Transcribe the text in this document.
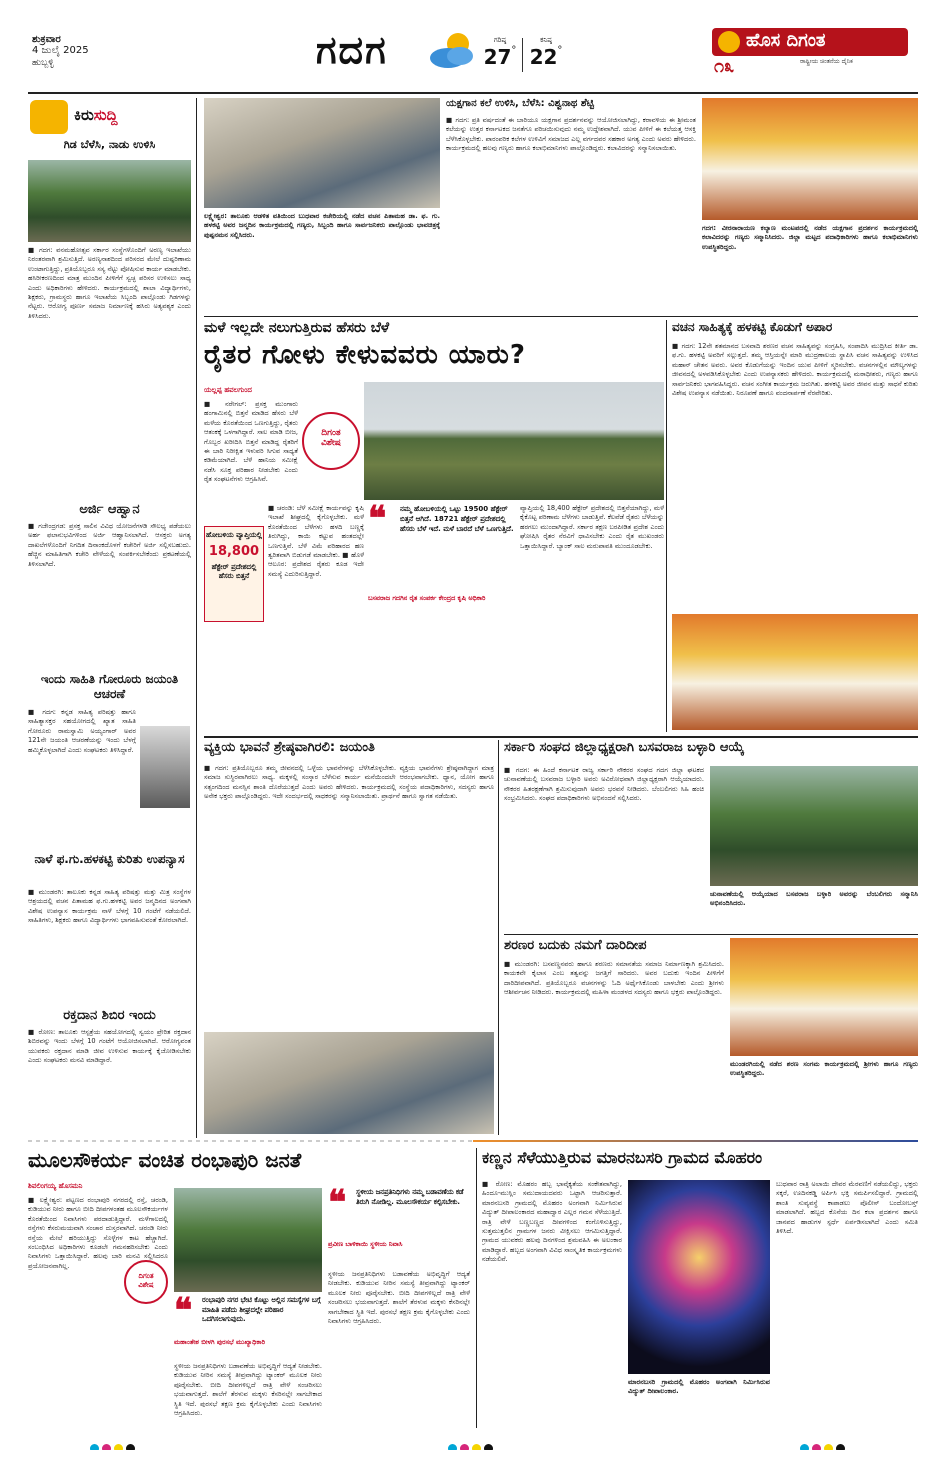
ಶುಕ್ರವಾರ
4 ಜುಲೈ 2025
ಹುಬ್ಬಳ್ಳಿ	ಗದಗ	ಗರಿಷ್ಠ
27°
ಕನಿಷ್ಠ
22°	ಹೊಸ ದಿಗಂತ
೧೩	ರಾಷ್ಟ್ರೀಯ ಚಿಂತನೆಯ ದೈನಿಕ
ಕಿರುಸುದ್ದಿ
ಗಿಡ ಬೆಳೆಸಿ, ನಾಡು ಉಳಿಸಿ
■ ಗದಗ: ವನಮಹೋತ್ಸವ ಸರ್ಕಾರ ಸಂಸ್ಥೆಗಳೊಂದಿಗೆ ಅರಣ್ಯ ಇಲಾಖೆಯು ನಿರಂತರವಾಗಿ ಶ್ರಮಿಸುತ್ತಿದೆ. ಅರಣ್ಯನಾಶದಿಂದ ಪರಿಸರದ ಮೇಲೆ ದುಷ್ಪರಿಣಾಮ ಉಂಟಾಗುತ್ತಿದ್ದು, ಪ್ರತಿಯೊಬ್ಬರೂ ಸಸ್ಯ ನೆಟ್ಟು ಪೋಷಿಸುವ ಕಾರ್ಯ ಮಾಡಬೇಕು. ಹಸಿರೀಕರಣದಿಂದ ಮಾತ್ರ ಮುಂದಿನ ಪೀಳಿಗೆಗೆ ಸ್ವಚ್ಛ ಪರಿಸರ ಉಳಿಸಲು ಸಾಧ್ಯ ಎಂದು ಅಧಿಕಾರಿಗಳು ಹೇಳಿದರು. ಕಾರ್ಯಕ್ರಮದಲ್ಲಿ ಶಾಲಾ ವಿದ್ಯಾರ್ಥಿಗಳು, ಶಿಕ್ಷಕರು, ಗ್ರಾಮಸ್ಥರು ಹಾಗೂ ಇಲಾಖೆಯ ಸಿಬ್ಬಂದಿ ಪಾಲ್ಗೊಂಡು ಗಿಡಗಳನ್ನು ನೆಟ್ಟರು. ಆರೋಗ್ಯ ಪೂರ್ಣ ಸಮಾಜ ನಿರ್ಮಾಣಕ್ಕೆ ಹಸಿರು ಅತ್ಯವಶ್ಯಕ ಎಂದು ತಿಳಿಸಿದರು.
ಅರ್ಜಿ ಆಹ್ವಾನ
■ ಗಜೇಂದ್ರಗಡ: ಪ್ರಸಕ್ತ ಸಾಲಿನ ವಿವಿಧ ಯೋಜನೆಗಳಡಿ ಸೌಲಭ್ಯ ಪಡೆಯಲು ಅರ್ಹ ಫಲಾನುಭವಿಗಳಿಂದ ಅರ್ಜಿ ಆಹ್ವಾನಿಸಲಾಗಿದೆ. ಆಸಕ್ತರು ಅಗತ್ಯ ದಾಖಲೆಗಳೊಂದಿಗೆ ನಿಗದಿತ ದಿನಾಂಕದೊಳಗೆ ಕಚೇರಿಗೆ ಅರ್ಜಿ ಸಲ್ಲಿಸಬಹುದು. ಹೆಚ್ಚಿನ ಮಾಹಿತಿಗಾಗಿ ಕಚೇರಿ ವೇಳೆಯಲ್ಲಿ ಸಂಪರ್ಕಿಸಬೇಕೆಂದು ಪ್ರಕಟಣೆಯಲ್ಲಿ ತಿಳಿಸಲಾಗಿದೆ.
ಇಂದು ಸಾಹಿತಿ ಗೋರೂರು ಜಯಂತಿ ಆಚರಣೆ
■ ಗದಗ: ಕನ್ನಡ ಸಾಹಿತ್ಯ ಪರಿಷತ್ತು ಹಾಗೂ ಸಾಹಿತ್ಯಾಸಕ್ತರ ಸಹಯೋಗದಲ್ಲಿ ಖ್ಯಾತ ಸಾಹಿತಿ ಗೋರೂರು ರಾಮಸ್ವಾಮಿ ಅಯ್ಯಂಗಾರ್ ಅವರ 121ನೇ ಜಯಂತಿ ಆಚರಣೆಯನ್ನು ಇಂದು ಬೆಳಗ್ಗೆ ಹಮ್ಮಿಕೊಳ್ಳಲಾಗಿದೆ ಎಂದು ಸಂಘಟಕರು ತಿಳಿಸಿದ್ದಾರೆ.
ನಾಳೆ ಫ.ಗು.ಹಳಕಟ್ಟಿ ಕುರಿತು ಉಪನ್ಯಾಸ
■ ಮುಂಡರಗಿ: ತಾಲೂಕು ಕನ್ನಡ ಸಾಹಿತ್ಯ ಪರಿಷತ್ತು ಮತ್ತು ಮಿತ್ರ ಸಂಸ್ಥೆಗಳ ಆಶ್ರಯದಲ್ಲಿ ವಚನ ಪಿತಾಮಹ ಫ.ಗು.ಹಳಕಟ್ಟಿ ಅವರ ಜನ್ಮದಿನದ ಅಂಗವಾಗಿ ವಿಶೇಷ ಉಪನ್ಯಾಸ ಕಾರ್ಯಕ್ರಮ ನಾಳೆ ಬೆಳಗ್ಗೆ 10 ಗಂಟೆಗೆ ನಡೆಯಲಿದೆ. ಸಾಹಿತಿಗಳು, ಶಿಕ್ಷಕರು ಹಾಗೂ ವಿದ್ಯಾರ್ಥಿಗಳು ಭಾಗವಹಿಸುವಂತೆ ಕೋರಲಾಗಿದೆ.
ರಕ್ತದಾನ ಶಿಬಿರ ಇಂದು
■ ರೋಣ: ತಾಲೂಕು ಆಸ್ಪತ್ರೆಯ ಸಹಯೋಗದಲ್ಲಿ ಸ್ವಯಂ ಪ್ರೇರಿತ ರಕ್ತದಾನ ಶಿಬಿರವನ್ನು ಇಂದು ಬೆಳಗ್ಗೆ 10 ಗಂಟೆಗೆ ಆಯೋಜಿಸಲಾಗಿದೆ. ಆರೋಗ್ಯವಂತ ಯುವಕರು ರಕ್ತದಾನ ಮಾಡಿ ಜೀವ ಉಳಿಸುವ ಕಾರ್ಯಕ್ಕೆ ಕೈಜೋಡಿಸಬೇಕು ಎಂದು ಸಂಘಟಕರು ಮನವಿ ಮಾಡಿದ್ದಾರೆ.
ಲಕ್ಷ್ಮೇಶ್ವರ: ತಾಲೂಕು ಆಡಳಿತ ವತಿಯಿಂದ ಬುಧವಾರ ಕಚೇರಿಯಲ್ಲಿ ನಡೆದ ವಚನ ಪಿತಾಮಹ ಡಾ. ಫ. ಗು. ಹಳಕಟ್ಟಿ ಅವರ ಜನ್ಮದಿನ ಕಾರ್ಯಕ್ರಮದಲ್ಲಿ ಗಣ್ಯರು, ಸಿಬ್ಬಂದಿ ಹಾಗೂ ಸಾರ್ವಜನಿಕರು ಪಾಲ್ಗೊಂಡು ಭಾವಚಿತ್ರಕ್ಕೆ ಪುಷ್ಪನಮನ ಸಲ್ಲಿಸಿದರು.
ಯಕ್ಷಗಾನ ಕಲೆ ಉಳಿಸಿ, ಬೆಳೆಸಿ: ವಿಶ್ವನಾಥ ಶೆಟ್ಟಿ
■ ಗದಗ: ಪ್ರತಿ ವರ್ಷದಂತೆ ಈ ಬಾರಿಯೂ ಯಕ್ಷಗಾನ ಪ್ರದರ್ಶನವನ್ನು ಆಯೋಜಿಸಲಾಗಿದ್ದು, ಕರಾವಳಿಯ ಈ ಶ್ರೀಮಂತ ಕಲೆಯನ್ನು ಉತ್ತರ ಕರ್ನಾಟಕದ ಜನತೆಗೂ ಪರಿಚಯಿಸುವುದು ನಮ್ಮ ಉದ್ದೇಶವಾಗಿದೆ. ಯುವ ಪೀಳಿಗೆ ಈ ಕಲೆಯತ್ತ ಆಸಕ್ತಿ ಬೆಳೆಸಿಕೊಳ್ಳಬೇಕು. ಪಾರಂಪರಿಕ ಕಲೆಗಳ ಉಳಿವಿಗೆ ಸಮಾಜದ ಎಲ್ಲ ವರ್ಗದವರ ಸಹಕಾರ ಅಗತ್ಯ ಎಂದು ಅವರು ಹೇಳಿದರು. ಕಾರ್ಯಕ್ರಮದಲ್ಲಿ ಹಲವು ಗಣ್ಯರು ಹಾಗೂ ಕಲಾಭಿಮಾನಿಗಳು ಪಾಲ್ಗೊಂಡಿದ್ದರು. ಕಲಾವಿದರನ್ನು ಸನ್ಮಾನಿಸಲಾಯಿತು.
ಗದಗ: ವೀರನಾರಾಯಣ ಕಲ್ಯಾಣ ಮಂಟಪದಲ್ಲಿ ನಡೆದ ಯಕ್ಷಗಾನ ಪ್ರದರ್ಶನ ಕಾರ್ಯಕ್ರಮದಲ್ಲಿ ಕಲಾವಿದರನ್ನು ಗಣ್ಯರು ಸನ್ಮಾನಿಸಿದರು. ಜಿಲ್ಲಾ ಮಟ್ಟದ ಪದಾಧಿಕಾರಿಗಳು ಹಾಗೂ ಕಲಾಭಿಮಾನಿಗಳು ಉಪಸ್ಥಿತರಿದ್ದರು.
ಮಳೆ ಇಲ್ಲದೇ ನಲುಗುತ್ತಿರುವ ಹೆಸರು ಬೆಳೆ
ರೈತರ ಗೋಳು ಕೇಳುವವರು ಯಾರು?
ಯಲ್ಲಪ್ಪ ಹವಲಗುಂದ
■ ನರೇಗಲ್: ಪ್ರಸಕ್ತ ಮುಂಗಾರು ಹಂಗಾಮಿನಲ್ಲಿ ಬಿತ್ತನೆ ಮಾಡಿದ ಹೆಸರು ಬೆಳೆ ಮಳೆಯ ಕೊರತೆಯಿಂದ ಒಣಗುತ್ತಿದ್ದು, ರೈತರು ಆತಂಕಕ್ಕೆ ಒಳಗಾಗಿದ್ದಾರೆ. ಸಾಲ ಮಾಡಿ ಬೀಜ, ಗೊಬ್ಬರ ಖರೀದಿಸಿ ಬಿತ್ತನೆ ಮಾಡಿದ್ದ ರೈತರಿಗೆ ಈ ಬಾರಿ ನಿರೀಕ್ಷಿತ ಇಳುವರಿ ಸಿಗುವ ಸಾಧ್ಯತೆ ಕಡಿಮೆಯಾಗಿದೆ. ಬೆಳೆ ಹಾನಿಯ ಸಮೀಕ್ಷೆ ನಡೆಸಿ ಸೂಕ್ತ ಪರಿಹಾರ ನೀಡಬೇಕು ಎಂದು ರೈತ ಸಂಘಟನೆಗಳು ಆಗ್ರಹಿಸಿವೆ.
ದಿಗಂತ
ವಿಶೇಷ
ಹೋಬಳಿಯ ವ್ಯಾಪ್ತಿಯಲ್ಲಿ
18,800
ಹೆಕ್ಟೇರ್ ಪ್ರದೇಶದಲ್ಲಿ ಹೆಸರು ಬಿತ್ತನೆ
■ ಚರಂಡಿ: ಬೆಳೆ ಸಮೀಕ್ಷೆ ಕಾರ್ಯವನ್ನು ಕೃಷಿ ಇಲಾಖೆ ಶೀಘ್ರದಲ್ಲಿ ಕೈಗೊಳ್ಳಬೇಕು. ಮಳೆ ಕೊರತೆಯಿಂದ ಬೆಳೆಗಳು ಹಳದಿ ಬಣ್ಣಕ್ಕೆ ತಿರುಗಿದ್ದು, ಕಾಯಿ ಕಟ್ಟುವ ಹಂತದಲ್ಲೇ ಒಣಗುತ್ತಿವೆ. ಬೆಳೆ ವಿಮೆ ಪರಿಹಾರದ ಹಣ ತ್ವರಿತವಾಗಿ ಬಿಡುಗಡೆ ಮಾಡಬೇಕು. ■ ಹೊಳೆ ಆಲೂರ: ಪ್ರದೇಶದ ರೈತರು ಕೂಡ ಇದೇ ಸಮಸ್ಯೆ ಎದುರಿಸುತ್ತಿದ್ದಾರೆ.
❝	ನಮ್ಮ ಹೋಬಳಿಯಲ್ಲಿ ಒಟ್ಟು 19500 ಹೆಕ್ಟೇರ್ ಬಿತ್ತನೆ ಆಗಿದೆ. 18721 ಹೆಕ್ಟೇರ್ ಪ್ರದೇಶದಲ್ಲಿ ಹೆಸರು ಬೆಳೆ ಇದೆ. ಮಳೆ ಬಾರದೆ ಬೆಳೆ ಒಣಗುತ್ತಿದೆ.
ಬಸವರಾಜ ಗದಗಿನ ರೈತ ಸಂಪರ್ಕ ಕೇಂದ್ರದ ಕೃಷಿ ಅಧಿಕಾರಿ
ವ್ಯಾಪ್ತಿಯಲ್ಲಿ 18,400 ಹೆಕ್ಟೇರ್ ಪ್ರದೇಶದಲ್ಲಿ ಬಿತ್ತನೆಯಾಗಿದ್ದು, ಮಳೆ ಕೈಕೊಟ್ಟ ಪರಿಣಾಮ ಬೆಳೆಗಳು ಬಾಡುತ್ತಿವೆ. ಕೆಲವೆಡೆ ರೈತರು ಬೆಳೆಯನ್ನು ಹರಗಲು ಮುಂದಾಗಿದ್ದಾರೆ. ಸರ್ಕಾರ ತಕ್ಷಣ ಬರಪೀಡಿತ ಪ್ರದೇಶ ಎಂದು ಘೋಷಿಸಿ ರೈತರ ನೆರವಿಗೆ ಧಾವಿಸಬೇಕು ಎಂದು ರೈತ ಮುಖಂಡರು ಒತ್ತಾಯಿಸಿದ್ದಾರೆ. ಬ್ಯಾಂಕ್ ಸಾಲ ಮರುಪಾವತಿ ಮುಂದೂಡಬೇಕು.
ವಚನ ಸಾಹಿತ್ಯಕ್ಕೆ ಹಳಕಟ್ಟಿ ಕೊಡುಗೆ ಅಪಾರ
■ ಗದಗ: 12ನೇ ಶತಮಾನದ ಬಸವಾದಿ ಶರಣರ ವಚನ ಸಾಹಿತ್ಯವನ್ನು ಸಂಗ್ರಹಿಸಿ, ಸಂಪಾದಿಸಿ ಮುದ್ರಿಸಿದ ಕೀರ್ತಿ ಡಾ. ಫ.ಗು. ಹಳಕಟ್ಟಿ ಅವರಿಗೆ ಸಲ್ಲುತ್ತದೆ. ತಮ್ಮ ಆಸ್ತಿಯನ್ನೇ ಮಾರಿ ಮುದ್ರಣಾಲಯ ಸ್ಥಾಪಿಸಿ ವಚನ ಸಾಹಿತ್ಯವನ್ನು ಉಳಿಸಿದ ಮಹಾನ್ ಚೇತನ ಅವರು. ಅವರ ಕೊಡುಗೆಯನ್ನು ಇಂದಿನ ಯುವ ಪೀಳಿಗೆ ಸ್ಮರಿಸಬೇಕು. ವಚನಗಳಲ್ಲಿನ ಮೌಲ್ಯಗಳನ್ನು ಜೀವನದಲ್ಲಿ ಅಳವಡಿಸಿಕೊಳ್ಳಬೇಕು ಎಂದು ಉಪನ್ಯಾಸಕರು ಹೇಳಿದರು. ಕಾರ್ಯಕ್ರಮದಲ್ಲಿ ಮಠಾಧೀಶರು, ಗಣ್ಯರು ಹಾಗೂ ಸಾರ್ವಜನಿಕರು ಭಾಗವಹಿಸಿದ್ದರು. ವಚನ ಸಂಗೀತ ಕಾರ್ಯಕ್ರಮ ಜರುಗಿತು. ಹಳಕಟ್ಟಿ ಅವರ ಜೀವನ ಮತ್ತು ಸಾಧನೆ ಕುರಿತು ವಿಶೇಷ ಉಪನ್ಯಾಸ ನಡೆಯಿತು. ನಿರೂಪಣೆ ಹಾಗೂ ವಂದನಾರ್ಪಣೆ ನೆರವೇರಿತು.
ವ್ಯಕ್ತಿಯ ಭಾವನೆ ಶ್ರೇಷ್ಠವಾಗಿರಲಿ: ಜಯಂತಿ
■ ಗದಗ: ಪ್ರತಿಯೊಬ್ಬರೂ ತಮ್ಮ ಜೀವನದಲ್ಲಿ ಒಳ್ಳೆಯ ಭಾವನೆಗಳನ್ನು ಬೆಳೆಸಿಕೊಳ್ಳಬೇಕು. ವ್ಯಕ್ತಿಯ ಭಾವನೆಗಳು ಶ್ರೇಷ್ಠವಾಗಿದ್ದಾಗ ಮಾತ್ರ ಸಮಾಜ ಸುಸ್ಥಿರವಾಗಿರಲು ಸಾಧ್ಯ. ಮಕ್ಕಳಲ್ಲಿ ಸಂಸ್ಕಾರ ಬೆಳೆಸುವ ಕಾರ್ಯ ಮನೆಯಿಂದಲೇ ಆರಂಭವಾಗಬೇಕು. ಧ್ಯಾನ, ಯೋಗ ಹಾಗೂ ಸತ್ಸಂಗದಿಂದ ಮನಸ್ಸಿನ ಶಾಂತಿ ದೊರೆಯುತ್ತದೆ ಎಂದು ಅವರು ಹೇಳಿದರು. ಕಾರ್ಯಕ್ರಮದಲ್ಲಿ ಸಂಸ್ಥೆಯ ಪದಾಧಿಕಾರಿಗಳು, ಸದಸ್ಯರು ಹಾಗೂ ಅನೇಕ ಭಕ್ತರು ಪಾಲ್ಗೊಂಡಿದ್ದರು. ಇದೇ ಸಂದರ್ಭದಲ್ಲಿ ಸಾಧಕರನ್ನು ಸನ್ಮಾನಿಸಲಾಯಿತು. ಪ್ರಾರ್ಥನೆ ಹಾಗೂ ಸ್ವಾಗತ ನಡೆಯಿತು.
ಸರ್ಕಾರಿ ಸಂಘದ ಜಿಲ್ಲಾಧ್ಯಕ್ಷರಾಗಿ ಬಸವರಾಜ ಬಳ್ಳಾರಿ ಆಯ್ಕೆ
■ ಗದಗ: ಈ ಹಿಂದೆ ಕರ್ನಾಟಕ ರಾಜ್ಯ ಸರ್ಕಾರಿ ನೌಕರರ ಸಂಘದ ಗದಗ ಜಿಲ್ಲಾ ಘಟಕದ ಚುನಾವಣೆಯಲ್ಲಿ ಬಸವರಾಜ ಬಳ್ಳಾರಿ ಅವರು ಅವಿರೋಧವಾಗಿ ಜಿಲ್ಲಾಧ್ಯಕ್ಷರಾಗಿ ಆಯ್ಕೆಯಾದರು. ನೌಕರರ ಹಿತರಕ್ಷಣೆಗಾಗಿ ಶ್ರಮಿಸುವುದಾಗಿ ಅವರು ಭರವಸೆ ನೀಡಿದರು. ಬೆಂಬಲಿಗರು ಸಿಹಿ ಹಂಚಿ ಸಂಭ್ರಮಿಸಿದರು. ಸಂಘದ ಪದಾಧಿಕಾರಿಗಳು ಅಭಿನಂದನೆ ಸಲ್ಲಿಸಿದರು.
ಚುನಾವಣೆಯಲ್ಲಿ ಆಯ್ಕೆಯಾದ ಬಸವರಾಜ ಬಳ್ಳಾರಿ ಅವರನ್ನು ಬೆಂಬಲಿಗರು ಸನ್ಮಾನಿಸಿ ಅಭಿನಂದಿಸಿದರು.
ಶರಣರ ಬದುಕು ನಮಗೆ ದಾರಿದೀಪ
■ ಮುಂಡರಗಿ: ಬಸವಣ್ಣನವರು ಹಾಗೂ ಶರಣರು ಸಮಾನತೆಯ ಸಮಾಜ ನಿರ್ಮಾಣಕ್ಕಾಗಿ ಶ್ರಮಿಸಿದರು. ಕಾಯಕವೇ ಕೈಲಾಸ ಎಂಬ ತತ್ವವನ್ನು ಜಗತ್ತಿಗೆ ಸಾರಿದರು. ಅವರ ಬದುಕು ಇಂದಿನ ಪೀಳಿಗೆಗೆ ದಾರಿದೀಪವಾಗಿದೆ. ಪ್ರತಿಯೊಬ್ಬರೂ ವಚನಗಳನ್ನು ಓದಿ ಅರ್ಥೈಸಿಕೊಂಡು ಬಾಳಬೇಕು ಎಂದು ಶ್ರೀಗಳು ಆಶೀರ್ವಚನ ನೀಡಿದರು. ಕಾರ್ಯಕ್ರಮದಲ್ಲಿ ಮಹಿಳಾ ಮಂಡಳದ ಸದಸ್ಯರು ಹಾಗೂ ಭಕ್ತರು ಪಾಲ್ಗೊಂಡಿದ್ದರು.
ಮುಂಡರಗಿಯಲ್ಲಿ ನಡೆದ ಶರಣ ಸಂಗಮ ಕಾರ್ಯಕ್ರಮದಲ್ಲಿ ಶ್ರೀಗಳು ಹಾಗೂ ಗಣ್ಯರು ಉಪಸ್ಥಿತರಿದ್ದರು.
ಮೂಲಸೌಕರ್ಯ ವಂಚಿತ ರಂಭಾಪುರಿ ಜನತೆ
ಶಿವಲಿಂಗಯ್ಯ ಹೊಸಮನಿ
■ ಲಕ್ಷ್ಮೇಶ್ವರ: ಪಟ್ಟಣದ ರಂಭಾಪುರಿ ನಗರದಲ್ಲಿ ರಸ್ತೆ, ಚರಂಡಿ, ಕುಡಿಯುವ ನೀರು ಹಾಗೂ ಬೀದಿ ದೀಪಗಳಂತಹ ಮೂಲಸೌಕರ್ಯಗಳ ಕೊರತೆಯಿಂದ ನಿವಾಸಿಗಳು ಪರದಾಡುತ್ತಿದ್ದಾರೆ. ಮಳೆಗಾಲದಲ್ಲಿ ರಸ್ತೆಗಳು ಕೆಸರುಮಯವಾಗಿ ಸಂಚಾರ ದುಸ್ತರವಾಗಿದೆ. ಚರಂಡಿ ನೀರು ರಸ್ತೆಯ ಮೇಲೆ ಹರಿಯುತ್ತಿದ್ದು ಸೊಳ್ಳೆಗಳ ಕಾಟ ಹೆಚ್ಚಾಗಿದೆ. ಸಂಬಂಧಿಸಿದ ಅಧಿಕಾರಿಗಳು ಕೂಡಲೇ ಗಮನಹರಿಸಬೇಕು ಎಂದು ನಿವಾಸಿಗಳು ಒತ್ತಾಯಿಸಿದ್ದಾರೆ. ಹಲವು ಬಾರಿ ಮನವಿ ಸಲ್ಲಿಸಿದರೂ ಪ್ರಯೋಜನವಾಗಿಲ್ಲ.
ದಿಗಂತ
ವಿಶೇಷ
❝	ರಂಭಾಪುರಿ ನಗರ ಭೇಟಿ ಕೊಟ್ಟು ಅಲ್ಲಿನ ಸಮಸ್ಯೆಗಳ ಬಗ್ಗೆ ಮಾಹಿತಿ ಪಡೆದು ಶೀಘ್ರದಲ್ಲೇ ಪರಿಹಾರ ಒದಗಿಸಲಾಗುವುದು.
ಮಹಾಂತೇಶ ಬೀಳಗಿ ಪುರಸಭೆ ಮುಖ್ಯಾಧಿಕಾರಿ
❝	ಸ್ಥಳೀಯ ಜನಪ್ರತಿನಿಧಿಗಳು ನಮ್ಮ ಬಡಾವಣೆಯ ಕಡೆ ತಿರುಗಿ ನೋಡಿಲ್ಲ. ಮೂಲಸೌಕರ್ಯ ಕಲ್ಪಿಸಬೇಕು.
ಪ್ರವೀಣ ಬಾಳಿಕಾಯಿ ಸ್ಥಳೀಯ ನಿವಾಸಿ
ಸ್ಥಳೀಯ ಜನಪ್ರತಿನಿಧಿಗಳು ಬಡಾವಣೆಯ ಅಭಿವೃದ್ಧಿಗೆ ಆದ್ಯತೆ ನೀಡಬೇಕು. ಕುಡಿಯುವ ನೀರಿನ ಸಮಸ್ಯೆ ತೀವ್ರವಾಗಿದ್ದು ಟ್ಯಾಂಕರ್ ಮೂಲಕ ನೀರು ಪೂರೈಸಬೇಕು. ಬೀದಿ ದೀಪಗಳಿಲ್ಲದೆ ರಾತ್ರಿ ವೇಳೆ ಸಂಚರಿಸಲು ಭಯವಾಗುತ್ತದೆ. ಶಾಲೆಗೆ ತೆರಳುವ ಮಕ್ಕಳು ಕೆಸರಿನಲ್ಲೇ ಸಾಗಬೇಕಾದ ಸ್ಥಿತಿ ಇದೆ. ಪುರಸಭೆ ತಕ್ಷಣ ಕ್ರಮ ಕೈಗೊಳ್ಳಬೇಕು ಎಂದು ನಿವಾಸಿಗಳು ಆಗ್ರಹಿಸಿದರು.
ಸ್ಥಳೀಯ ಜನಪ್ರತಿನಿಧಿಗಳು ಬಡಾವಣೆಯ ಅಭಿವೃದ್ಧಿಗೆ ಆದ್ಯತೆ ನೀಡಬೇಕು. ಕುಡಿಯುವ ನೀರಿನ ಸಮಸ್ಯೆ ತೀವ್ರವಾಗಿದ್ದು ಟ್ಯಾಂಕರ್ ಮೂಲಕ ನೀರು ಪೂರೈಸಬೇಕು. ಬೀದಿ ದೀಪಗಳಿಲ್ಲದೆ ರಾತ್ರಿ ವೇಳೆ ಸಂಚರಿಸಲು ಭಯವಾಗುತ್ತದೆ. ಶಾಲೆಗೆ ತೆರಳುವ ಮಕ್ಕಳು ಕೆಸರಿನಲ್ಲೇ ಸಾಗಬೇಕಾದ ಸ್ಥಿತಿ ಇದೆ. ಪುರಸಭೆ ತಕ್ಷಣ ಕ್ರಮ ಕೈಗೊಳ್ಳಬೇಕು ಎಂದು ನಿವಾಸಿಗಳು ಆಗ್ರಹಿಸಿದರು.
ಕಣ್ಣನ ಸೆಳೆಯುತ್ತಿರುವ ಮಾರನಬಸರಿ ಗ್ರಾಮದ ಮೊಹರಂ
■ ರೋಣ: ಮೊಹರಂ ಹಬ್ಬ ಭಾವೈಕ್ಯತೆಯ ಸಂಕೇತವಾಗಿದ್ದು, ಹಿಂದೂ-ಮುಸ್ಲಿಂ ಸಮುದಾಯದವರು ಒಟ್ಟಾಗಿ ಆಚರಿಸುತ್ತಾರೆ. ಮಾರನಬಸರಿ ಗ್ರಾಮದಲ್ಲಿ ಮೊಹರಂ ಅಂಗವಾಗಿ ನಿರ್ಮಿಸಿರುವ ವಿದ್ಯುತ್ ದೀಪಾಲಂಕಾರದ ಮಹಾದ್ವಾರ ಎಲ್ಲರ ಗಮನ ಸೆಳೆಯುತ್ತಿದೆ. ರಾತ್ರಿ ವೇಳೆ ಬಣ್ಣಬಣ್ಣದ ದೀಪಗಳಿಂದ ಕಂಗೊಳಿಸುತ್ತಿದ್ದು, ಸುತ್ತಮುತ್ತಲಿನ ಗ್ರಾಮಗಳ ಜನರು ವೀಕ್ಷಿಸಲು ಆಗಮಿಸುತ್ತಿದ್ದಾರೆ. ಗ್ರಾಮದ ಯುವಕರು ಹಲವು ದಿನಗಳಿಂದ ಶ್ರಮವಹಿಸಿ ಈ ಅಲಂಕಾರ ಮಾಡಿದ್ದಾರೆ. ಹಬ್ಬದ ಅಂಗವಾಗಿ ವಿವಿಧ ಸಾಂಸ್ಕೃತಿಕ ಕಾರ್ಯಕ್ರಮಗಳು ನಡೆಯಲಿವೆ.
ಮಾರನಬಸರಿ ಗ್ರಾಮದಲ್ಲಿ ಮೊಹರಂ ಅಂಗವಾಗಿ ನಿರ್ಮಿಸಿರುವ ವಿದ್ಯುತ್ ದೀಪಾಲಂಕಾರ.
ಬುಧವಾರ ರಾತ್ರಿ ಅಲಾಯಿ ದೇವರ ಮೆರವಣಿಗೆ ನಡೆಯಲಿದ್ದು, ಭಕ್ತರು ಸಕ್ಕರೆ, ಊದಿನಕಡ್ಡಿ ಅರ್ಪಿಸಿ ಭಕ್ತಿ ಸಮರ್ಪಿಸಲಿದ್ದಾರೆ. ಗ್ರಾಮದಲ್ಲಿ ಶಾಂತಿ ಸುವ್ಯವಸ್ಥೆ ಕಾಪಾಡಲು ಪೊಲೀಸ್ ಬಂದೋಬಸ್ತ್ ಮಾಡಲಾಗಿದೆ. ಹಬ್ಬದ ಕೊನೆಯ ದಿನ ಕಲಾ ಪ್ರದರ್ಶನ ಹಾಗೂ ಜಾನಪದ ಹಾಡುಗಳ ಸ್ಪರ್ಧೆ ಏರ್ಪಡಿಸಲಾಗಿದೆ ಎಂದು ಸಮಿತಿ ತಿಳಿಸಿದೆ.
